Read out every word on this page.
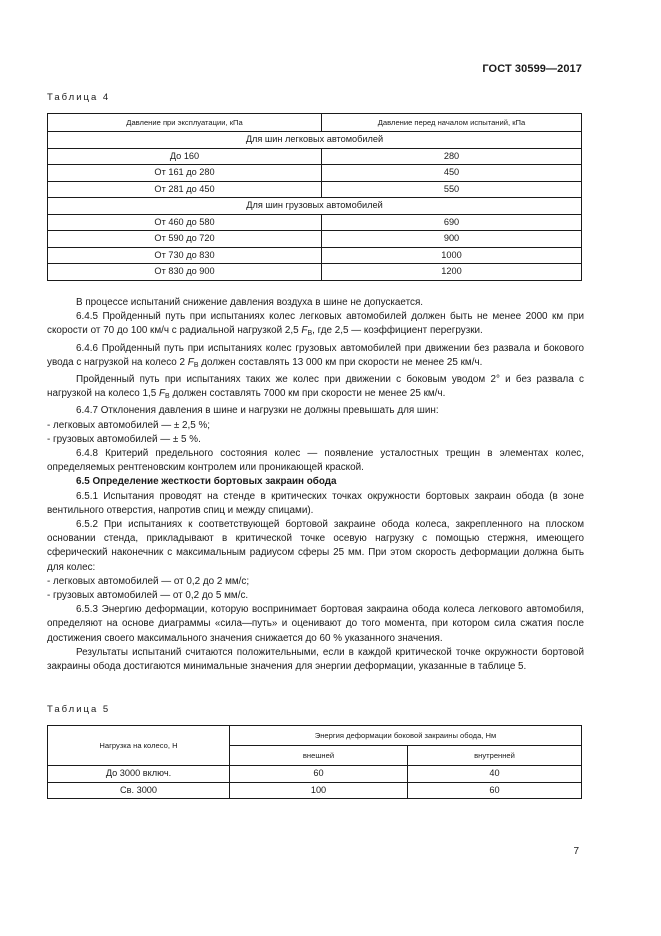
ГОСТ 30599—2017
Таблица 4
Давление при эксплуатации, кПа	Давление перед началом испытаний, кПа
Для шин легковых автомобилей	
До 160	280
От 161 до 280	450
От 281 до 450	550
Для шин грузовых автомобилей	
От 460 до 580	690
От 590 до 720	900
От 730 до 830	1000
От 830 до 900	1200

В процессе испытаний снижение давления воздуха в шине не допускается.

6.4.5 Пройденный путь при испытаниях колес легковых автомобилей должен быть не менее 2000 км при скорости от 70 до 100 км/ч с радиальной нагрузкой 2,5 $F_B$, где 2,5 — коэффициент перегрузки.

6.4.6 Пройденный путь при испытаниях колес грузовых автомобилей при движении без развала и бокового увода с нагрузкой на колесо 2 $F_B$ должен составлять 13 000 км при скорости не менее 25 км/ч.

Пройденный путь при испытаниях таких же колес при движении с боковым уводом 2° и без развала с нагрузкой на колесо 1,5 $F_B$ должен составлять 7000 км при скорости не менее 25 км/ч.

6.4.7 Отклонения давления в шине и нагрузки не должны превышать для шин:

- легковых автомобилей — ± 2,5 %;

- грузовых автомобилей — ± 5 %.

6.4.8 Критерий предельного состояния колес — появление усталостных трещин в элементах колес, определяемых рентгеновским контролем или проникающей краской.

6.5 Определение жесткости бортовых закраин обода

6.5.1 Испытания проводят на стенде в критических точках окружности бортовых закраин обода (в зоне вентильного отверстия, напротив спиц и между спицами).

6.5.2 При испытаниях к соответствующей бортовой закраине обода колеса, закрепленного на плоском основании стенда, прикладывают в критической точке осевую нагрузку с помощью стержня, имеющего сферический наконечник с максимальным радиусом сферы 25 мм. При этом скорость деформации должна быть для колес:

- легковых автомобилей — от 0,2 до 2 мм/с;

- грузовых автомобилей — от 0,2 до 5 мм/с.

6.5.3 Энергию деформации, которую воспринимает бортовая закраина обода колеса легкового автомобиля, определяют на основе диаграммы «сила—путь» и оценивают до того момента, при котором сила сжатия после достижения своего максимального значения снижается до 60 % указанного значения.

Результаты испытаний считаются положительными, если в каждой критической точке окружности бортовой закраины обода достигаются минимальные значения для энергии деформации, указанные в таблице 5.

Таблица 5
Нагрузка на колесо, Н	Энергия деформации боковой закраины обода, Нм	
	внешней	внутренней
До 3000 включ.	60	40
Св. 3000	100	60
7
